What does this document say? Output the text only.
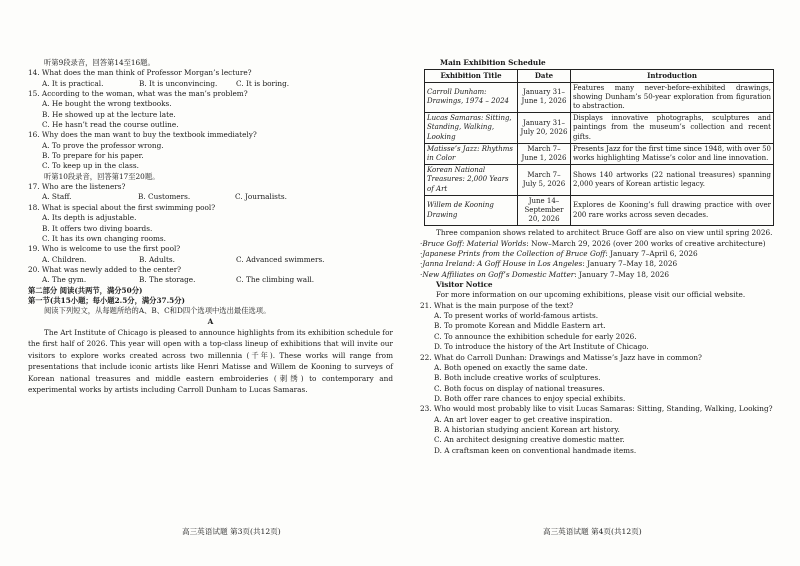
听第9段录音，回答第14至16题。
14. What does the man think of Professor Morgan’s lecture?
A. It is practical.	B. It is unconvincing.	C. It is boring.
15. According to the woman, what was the man’s problem?
A. He bought the wrong textbooks.
B. He showed up at the lecture late.
C. He hasn’t read the course outline.
16. Why does the man want to buy the textbook immediately?
A. To prove the professor wrong.
B. To prepare for his paper.
C. To keep up in the class.
听第10段录音，回答第17至20题。
17. Who are the listeners?
A. Staff.	B. Customers.	C. Journalists.
18. What is special about the first swimming pool?
A. Its depth is adjustable.
B. It offers two diving boards.
C. It has its own changing rooms.
19. Who is welcome to use the first pool?
A. Children.	B. Adults.	C. Advanced swimmers.
20. What was newly added to the center?
A. The gym.	B. The storage.	C. The climbing wall.
第二部分 阅读(共两节，满分50分)
第一节(共15小题；每小题2.5分，满分37.5分)
阅读下列短文，从每题所给的A、B、C和D四个选项中选出最佳选项。
A
The Art Institute of Chicago is pleased to announce highlights from its exhibition schedule for the first half of 2026. This year will open with a top-class lineup of exhibitions that will invite our visitors to explore works created across two millennia (千年). These works will range from presentations that include iconic artists like Henri Matisse and Willem de Kooning to surveys of Korean national treasures and middle eastern embroideries (刺绣) to contemporary and experimental works by artists including Carroll Dunham to Lucas Samaras.
高三英语试题 第3页(共12页)
Main Exhibition Schedule
Exhibition Title	Date	Introduction
Carroll Dunham: Drawings, 1974 – 2024	January 31– June 1, 2026	Features many never-before-exhibited drawings, showing Dunham’s 50-year exploration from figuration to abstraction.
Lucas Samaras: Sitting, Standing, Walking, Looking	January 31– July 20, 2026	Displays innovative photographs, sculptures and paintings from the museum’s collection and recent gifts.
Matisse’s Jazz: Rhythms in Color	March 7– June 1, 2026	Presents Jazz for the first time since 1948, with over 50 works highlighting Matisse’s color and line innovation.
Korean National Treasures: 2,000 Years of Art	March 7– July 5, 2026	Shows 140 artworks (22 national treasures) spanning 2,000 years of Korean artistic legacy.
Willem de Kooning Drawing	June 14– September 20, 2026	Explores de Kooning’s full drawing practice with over 200 rare works across seven decades.
Three companion shows related to architect Bruce Goff are also on view until spring 2026.
·Bruce Goff: Material Worlds: Now–March 29, 2026 (over 200 works of creative architecture)
·Japanese Prints from the Collection of Bruce Goff: January 7–April 6, 2026
·Janna Ireland: A Goff House in Los Angeles: January 7–May 18, 2026
·New Affiliates on Goff’s Domestic Matter: January 7–May 18, 2026
Visitor Notice
For more information on our upcoming exhibitions, please visit our official website.
21. What is the main purpose of the text?
A. To present works of world-famous artists.
B. To promote Korean and Middle Eastern art.
C. To announce the exhibition schedule for early 2026.
D. To introduce the history of the Art Institute of Chicago.
22. What do Carroll Dunhan: Drawings and Matisse’s Jazz have in common?
A. Both opened on exactly the same date.
B. Both include creative works of sculptures.
C. Both focus on display of national treasures.
D. Both offer rare chances to enjoy special exhibits.
23. Who would most probably like to visit Lucas Samaras: Sitting, Standing, Walking, Looking?
A. An art lover eager to get creative inspiration.
B. A historian studying ancient Korean art history.
C. An architect designing creative domestic matter.
D. A craftsman keen on conventional handmade items.
高三英语试题 第4页(共12页)
